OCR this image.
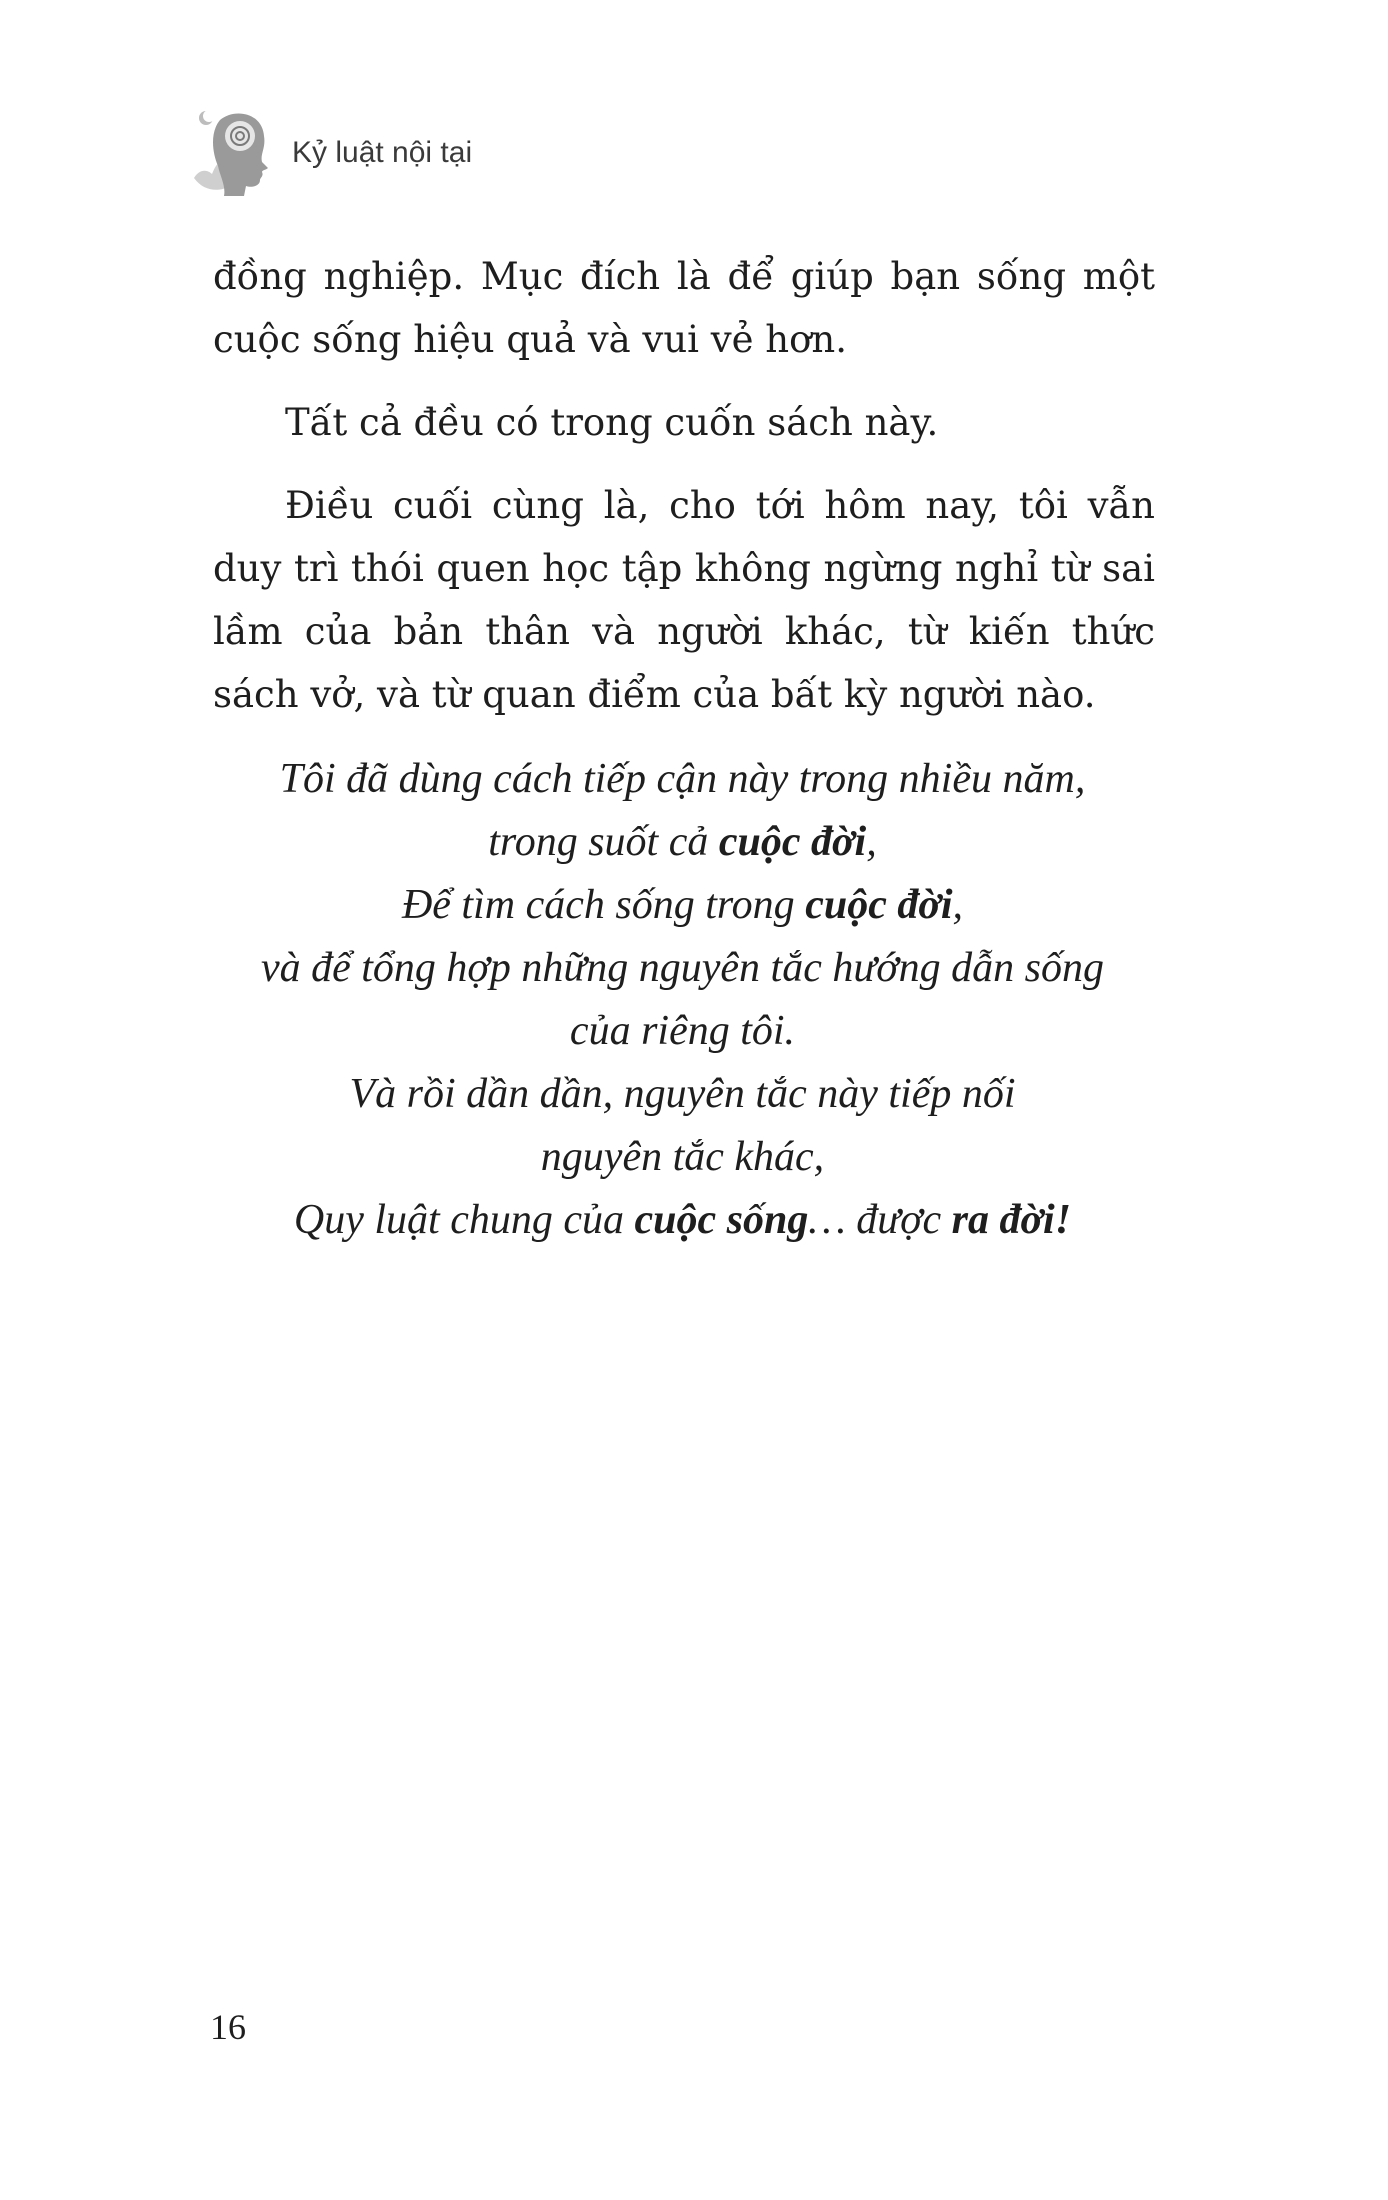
Kỷ luật nội tại

đồng nghiệp. Mục đích là để giúp bạn sống một cuộc sống hiệu quả và vui vẻ hơn.

Tất cả đều có trong cuốn sách này.

Điều cuối cùng là, cho tới hôm nay, tôi vẫn duy trì thói quen học tập không ngừng nghỉ từ sai lầm của bản thân và người khác, từ kiến thức sách vở, và từ quan điểm của bất kỳ người nào.

Tôi đã dùng cách tiếp cận này trong nhiều năm,
trong suốt cả cuộc đời,
Để tìm cách sống trong cuộc đời,
và để tổng hợp những nguyên tắc hướng dẫn sống
của riêng tôi.
Và rồi dần dần, nguyên tắc này tiếp nối
nguyên tắc khác,
Quy luật chung của cuộc sống… được ra đời!
16
